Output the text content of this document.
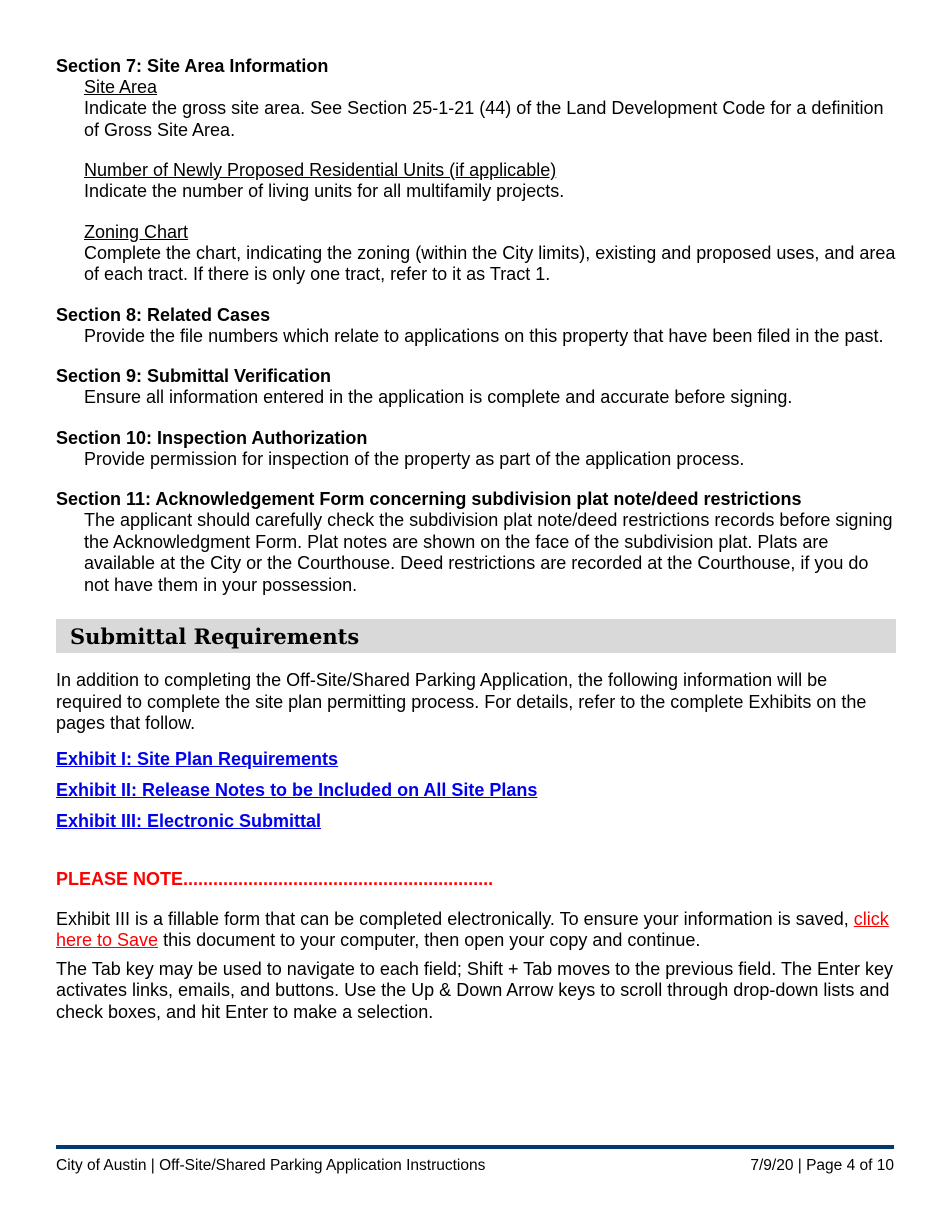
Section 7: Site Area Information
Site Area

Indicate the gross site area. See Section 25-1-21 (44) of the Land Development Code for a definition of Gross Site Area.

Number of Newly Proposed Residential Units (if applicable)

Indicate the number of living units for all multifamily projects.

Zoning Chart

Complete the chart, indicating the zoning (within the City limits), existing and proposed uses, and area of each tract. If there is only one tract, refer to it as Tract 1.

Section 8: Related Cases

Provide the file numbers which relate to applications on this property that have been filed in the past.

Section 9: Submittal Verification

Ensure all information entered in the application is complete and accurate before signing.

Section 10: Inspection Authorization

Provide permission for inspection of the property as part of the application process.

Section 11: Acknowledgement Form concerning subdivision plat note/deed restrictions

The applicant should carefully check the subdivision plat note/deed restrictions records before signing the Acknowledgment Form. Plat notes are shown on the face of the subdivision plat. Plats are available at the City or the Courthouse. Deed restrictions are recorded at the Courthouse, if you do not have them in your possession.

Submittal Requirements

In addition to completing the Off-Site/Shared Parking Application, the following information will be required to complete the site plan permitting process. For details, refer to the complete Exhibits on the pages that follow.

Exhibit I: Site Plan Requirements
Exhibit II: Release Notes to be Included on All Site Plans
Exhibit III: Electronic Submittal
PLEASE NOTE..............................................................

Exhibit III is a fillable form that can be completed electronically. To ensure your information is saved, click here to Save this document to your computer, then open your copy and continue.

The Tab key may be used to navigate to each field; Shift + Tab moves to the previous field. The Enter key activates links, emails, and buttons. Use the Up & Down Arrow keys to scroll through drop-down lists and check boxes, and hit Enter to make a selection.

City of Austin | Off-Site/Shared Parking Application Instructions	7/9/20 | Page 4 of 10
